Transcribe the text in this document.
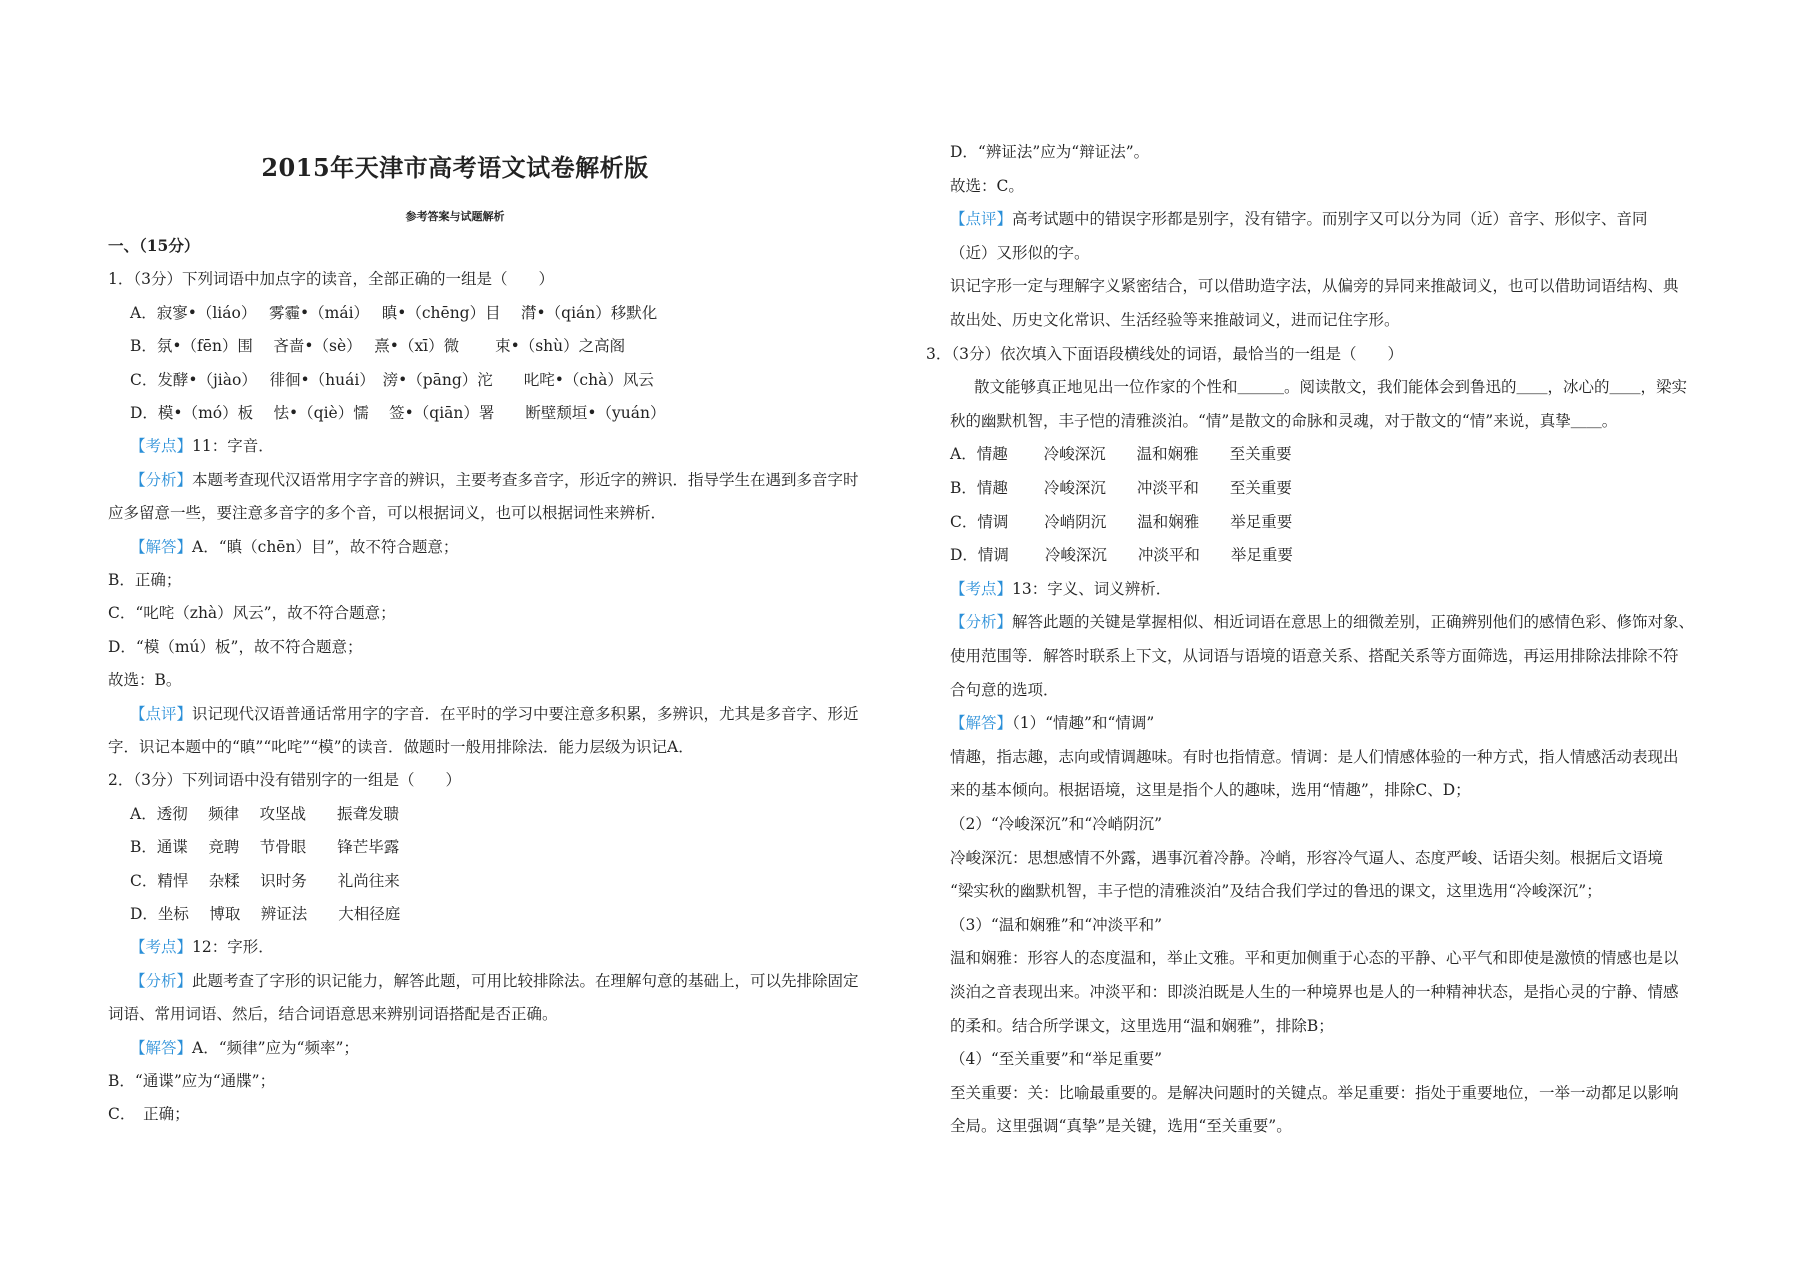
2015年天津市高考语文试卷解析版
参考答案与试题解析
一、（15分）
1．（3分）下列词语中加点字的读音，全部正确的一组是（　　）
A．寂寥•（liáo）　 雾霾•（mái）　 瞋•（chēng）目　 潸•（qián）移默化
B．氛•（fēn）围　 吝啬•（sè）　 熹•（xī）微　　 束•（shù）之高阁
C．发酵•（jiào）　 徘徊•（huái）　滂•（pāng）沱　　叱咤•（chà）风云
D．模•（mó）板　 怯•（qiè）懦　 签•（qiān）署　　断壁颓垣•（yuán）
【考点】11：字音．
【分析】本题考查现代汉语常用字字音的辨识，主要考查多音字，形近字的辨识．指导学生在遇到多音字时
应多留意一些，要注意多音字的多个音，可以根据词义，也可以根据词性来辨析．
【解答】A．“瞋（chēn）目”，故不符合题意；
B．正确；
C．“叱咤（zhà）风云”，故不符合题意；
D．“模（mú）板”，故不符合题意；
故选：B。
【点评】识记现代汉语普通话常用字的字音．在平时的学习中要注意多积累，多辨识，尤其是多音字、形近
字．识记本题中的“瞋”“叱咤”“模”的读音．做题时一般用排除法．能力层级为识记A．
2．（3分）下列词语中没有错别字的一组是（　　）
A．透彻　 频律　 攻坚战　　振聋发聩
B．通谍　 竞聘　 节骨眼　　锋芒毕露
C．精悍　 杂糅　 识时务　　礼尚往来
D．坐标　 博取　 辨证法　　大相径庭
【考点】12：字形．
【分析】此题考查了字形的识记能力，解答此题，可用比较排除法。在理解句意的基础上，可以先排除固定
词语、常用词语、然后，结合词语意思来辨别词语搭配是否正确。
【解答】A．“频律”应为“频率”；
B．“通谍”应为“通牒”；
C．　正确；
D．“辨证法”应为“辩证法”。
故选：C。
【点评】高考试题中的错误字形都是别字，没有错字。而别字又可以分为同（近）音字、形似字、音同
（近）又形似的字。
识记字形一定与理解字义紧密结合，可以借助造字法，从偏旁的异同来推敲词义，也可以借助词语结构、典
故出处、历史文化常识、生活经验等来推敲词义，进而记住字形。
3．（3分）依次填入下面语段横线处的词语，最恰当的一组是（　　）
散文能够真正地见出一位作家的个性和＿＿＿。阅读散文，我们能体会到鲁迅的＿＿，冰心的＿＿，梁实
秋的幽默机智，丰子恺的清雅淡泊。“情”是散文的命脉和灵魂，对于散文的“情”来说，真挚＿＿。
A．情趣　　 冷峻深沉　　温和娴雅　　至关重要
B．情趣　　 冷峻深沉　　冲淡平和　　至关重要
C．情调　　 冷峭阴沉　　温和娴雅　　举足重要
D．情调　　 冷峻深沉　　冲淡平和　　举足重要
【考点】13：字义、词义辨析．
【分析】解答此题的关键是掌握相似、相近词语在意思上的细微差别，正确辨别他们的感情色彩、修饰对象、
使用范围等．解答时联系上下文，从词语与语境的语意关系、搭配关系等方面筛选，再运用排除法排除不符
合句意的选项．
【解答】（1）“情趣”和“情调”
情趣，指志趣，志向或情调趣味。有时也指情意。情调：是人们情感体验的一种方式，指人情感活动表现出
来的基本倾向。根据语境，这里是指个人的趣味，选用“情趣”，排除C、D；
（2）“冷峻深沉”和“冷峭阴沉”
冷峻深沉：思想感情不外露，遇事沉着冷静。冷峭，形容冷气逼人、态度严峻、话语尖刻。根据后文语境
“梁实秋的幽默机智，丰子恺的清雅淡泊”及结合我们学过的鲁迅的课文，这里选用“冷峻深沉”；
（3）“温和娴雅”和“冲淡平和”
温和娴雅：形容人的态度温和，举止文雅。平和更加侧重于心态的平静、心平气和即使是激愤的情感也是以
淡泊之音表现出来。冲淡平和：即淡泊既是人生的一种境界也是人的一种精神状态，是指心灵的宁静、情感
的柔和。结合所学课文，这里选用“温和娴雅”，排除B；
（4）“至关重要”和“举足重要”
至关重要：关：比喻最重要的。是解决问题时的关键点。举足重要：指处于重要地位，一举一动都足以影响
全局。这里强调“真挚”是关键，选用“至关重要”。
